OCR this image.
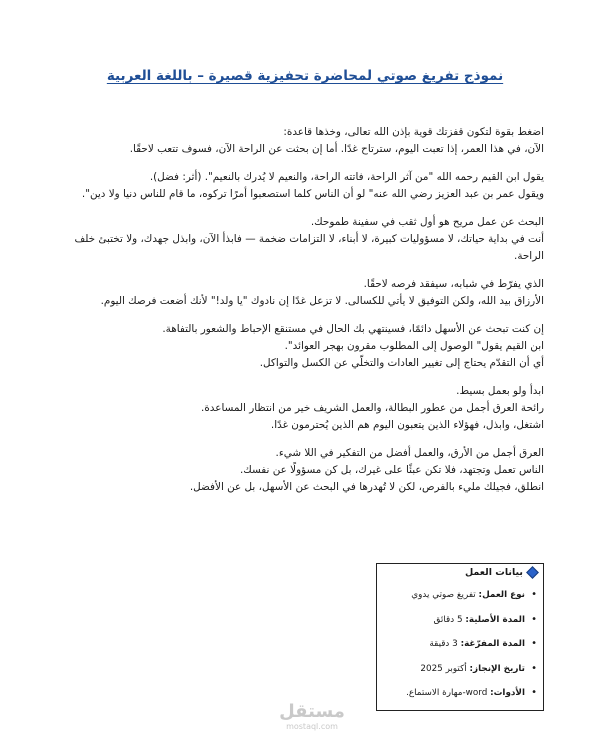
نموذج تفريغ صوتي لمحاضرة تحفيزية قصيرة – باللغة العربية
اضغط بقوة لتكون قفزتك قوية بإذن الله تعالى، وخذها قاعدة:
الآن، في هذا العمر، إذا تعبت اليوم، سترتاح غدًا. أما إن بحثت عن الراحة الآن، فسوف تتعب لاحقًا.
يقول ابن القيم رحمه الله "من آثر الراحة، فاتته الراحة، والنعيم لا يُدرك بالنعيم". (أثر: فضل).
ويقول عمر بن عبد العزيز رضي الله عنه" لو أن الناس كلما استصعبوا أمرًا تركوه، ما قام للناس دنيا ولا دين".
البحث عن عمل مريح هو أول ثقب في سفينة طموحك.
أنت في بداية حياتك، لا مسؤوليات كبيرة، لا أبناء، لا التزامات ضخمة — فابذأ الآن، وابذل جهدك، ولا تختبئ خلف الراحة.
الذي يفرّط في شبابه، سيفقد فرصه لاحقًا.
الأرزاق بيد الله، ولكن التوفيق لا يأتي للكسالى. لا تزعل غدًا إن نادوك "يا ولد!" لأنك أضعت فرصك اليوم.
إن كنت تبحث عن الأسهل دائمًا، فسينتهي بك الحال في مستنقع الإحباط والشعور بالتفاهة.
ابن القيم يقول" الوصول إلى المطلوب مقرون بهجر العوائد".
أي أن التقدّم يحتاج إلى تغيير العادات والتخلّي عن الكسل والتواكل.
ابدأ ولو بعمل بسيط.
رائحة العرق أجمل من عطور البطالة، والعمل الشريف خير من انتظار المساعدة.
اشتغل، وابذل، فهؤلاء الذين يتعبون اليوم هم الذين يُحترمون غدًا.
العرق أجمل من الأرق، والعمل أفضل من التفكير في اللا شيء.
الناس تعمل وتجتهد، فلا تكن عبئًا على غيرك، بل كن مسؤولًا عن نفسك.
انطلق، فجيلك مليء بالفرص، لكن لا تُهدرها في البحث عن الأسهل، بل عن الأفضل.
بيانات العمل
• نوع العمل: تفريغ صوتي يدوي
• المدة الأصلية: 5 دقائق
• المدة المفرّغة: 3 دقيقة
• تاريخ الإنجاز: أكتوبر 2025
• الأدوات: word-مهارة الاستماع.
مستقل
mostaql.com
